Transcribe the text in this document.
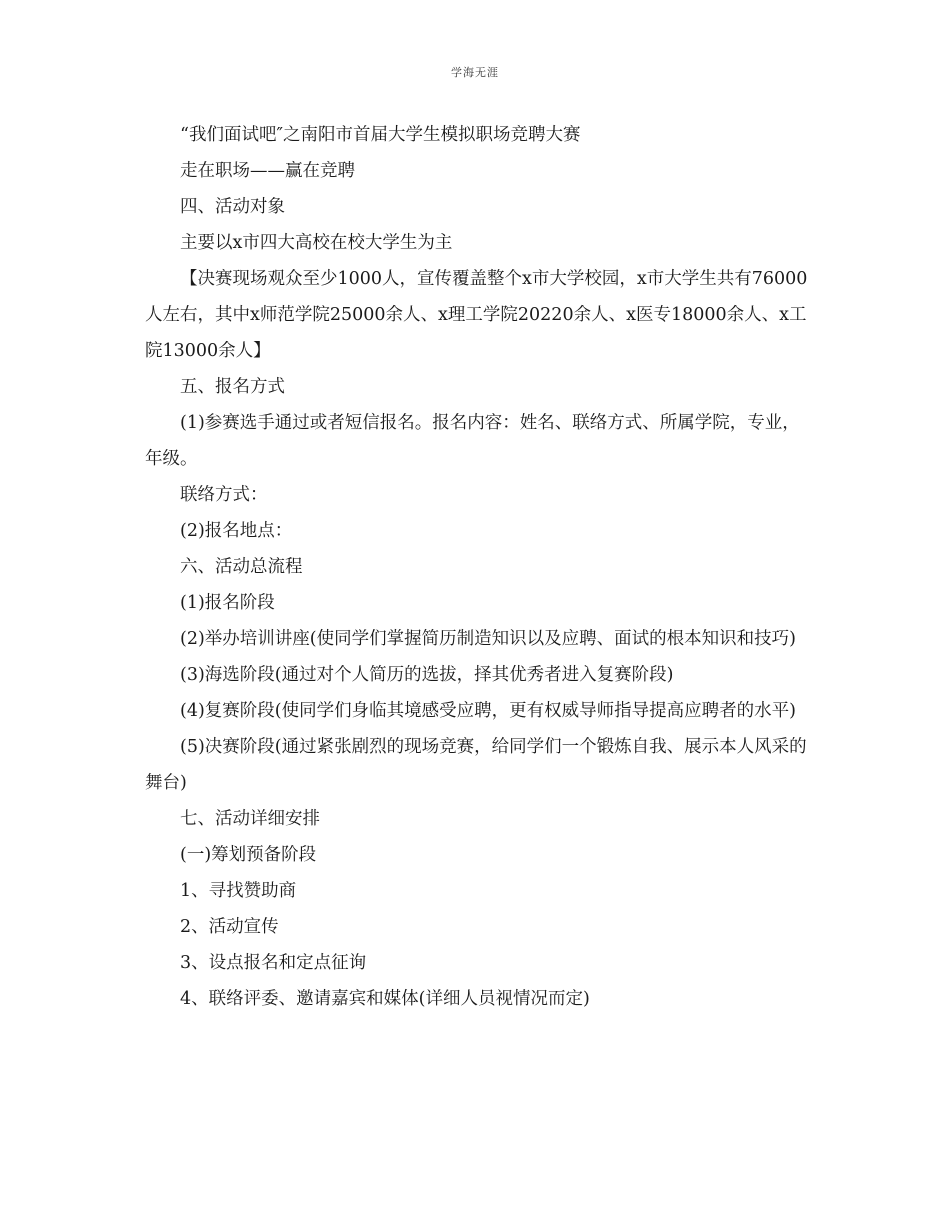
学海无涯

“我们面试吧″之南阳市首届大学生模拟职场竞聘大赛

走在职场——赢在竞聘

四、活动对象

主要以x市四大高校在校大学生为主

【决赛现场观众至少1000人，宣传覆盖整个x市大学校园，x市大学生共有76000人左右，其中x师范学院25000余人、x理工学院20220余人、x医专18000余人、x工院13000余人】

五、报名方式

(1)参赛选手通过或者短信报名。报名内容：姓名、联络方式、所属学院，专业，年级。

联络方式：

(2)报名地点：

六、活动总流程

(1)报名阶段

(2)举办培训讲座(使同学们掌握简历制造知识以及应聘、面试的根本知识和技巧)

(3)海选阶段(通过对个人简历的选拔，择其优秀者进入复赛阶段)

(4)复赛阶段(使同学们身临其境感受应聘，更有权威导师指导提高应聘者的水平)

(5)决赛阶段(通过紧张剧烈的现场竞赛，给同学们一个锻炼自我、展示本人风采的舞台)

七、活动详细安排

(一)筹划预备阶段

1、寻找赞助商

2、活动宣传

3、设点报名和定点征询

4、联络评委、邀请嘉宾和媒体(详细人员视情况而定)
